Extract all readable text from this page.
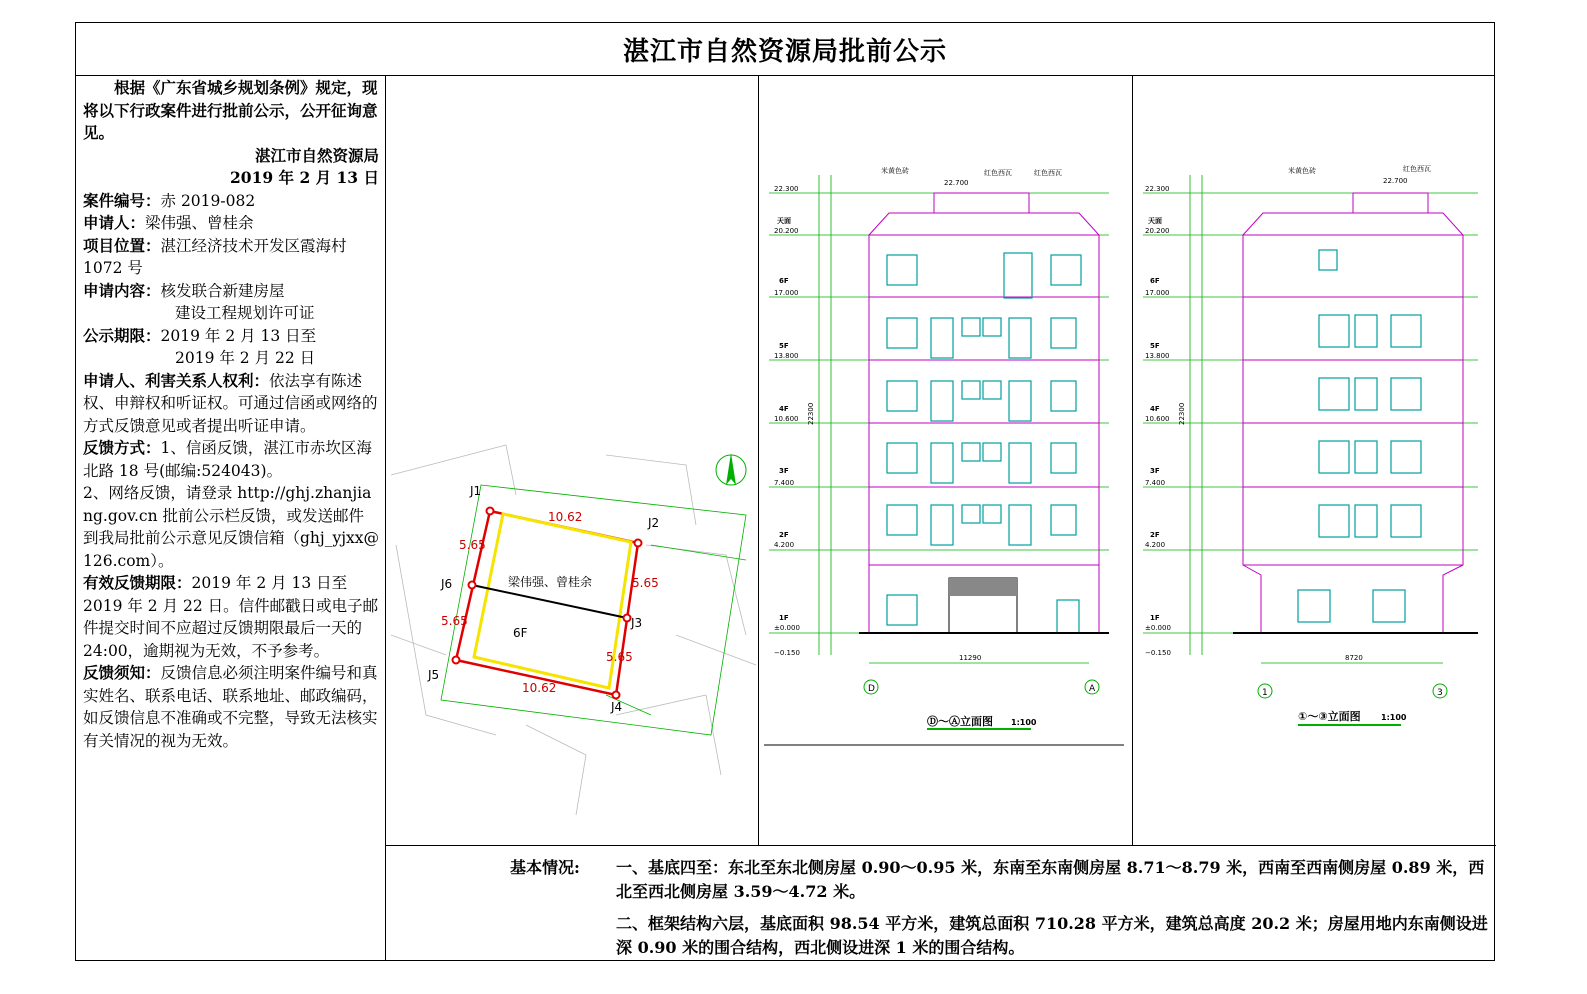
湛江市自然资源局批前公示

根据《广东省城乡规划条例》规定，现将以下行政案件进行批前公示，公开征询意见。

湛江市自然资源局

2019 年 2 月 13 日

案件编号：赤 2019-082

申请人：梁伟强、曾桂余

项目位置：湛江经济技术开发区霞海村 1072 号

申请内容：核发联合新建房屋

建设工程规划许可证

公示期限：2019 年 2 月 13 日至

2019 年 2 月 22 日

申请人、利害关系人权利：依法享有陈述权、申辩权和听证权。可通过信函或网络的方式反馈意见或者提出听证申请。

反馈方式：1、信函反馈，湛江市赤坎区海北路 18 号(邮编:524043)。

2、网络反馈，请登录 http://ghj.zhanjiang.gov.cn 批前公示栏反馈，或发送邮件到我局批前公示意见反馈信箱（ghj_yjxx@126.com）。

有效反馈期限：2019 年 2 月 13 日至 2019 年 2 月 22 日。信件邮戳日或电子邮件提交时间不应超过反馈期限最后一天的 24:00，逾期视为无效，不予参考。

反馈须知：反馈信息必须注明案件编号和真实姓名、联系电话、联系地址、邮政编码，如反馈信息不准确或不完整，导致无法核实有关情况的视为无效。

J1
J2
J3
J4
J5
J6
10.62
10.62
5.65
5.65
5.65
5.65
梁伟强、曾桂余
6F
22.300
天面
20.200
6F
17.000
5F
13.800
4F
10.600
3F
7.400
2F
4.200
1F
±0.000
−0.150
22300
米黄色砖	红色西瓦	红色西瓦
22.700
11290
D	A
Ⓓ～Ⓐ立面图 1:100
22.300
天面
20.200
6F
17.000
5F
13.800
4F
10.600
3F
7.400
2F
4.200
1F
±0.000
−0.150
22300
米黄色砖	红色西瓦
22.700
8720
1	3
①～③立面图	1:100
基本情况: 一、基底四至：东北至东北侧房屋 0.90～0.95 米，东南至东南侧房屋 8.71～8.79 米，西南至西南侧房屋 0.89 米，西北至西北侧房屋 3.59～4.72 米。

二、框架结构六层，基底面积 98.54 平方米，建筑总面积 710.28 平方米，建筑总高度 20.2 米；房屋用地内东南侧设进深 0.90 米的围合结构，西北侧设进深 1 米的围合结构。
